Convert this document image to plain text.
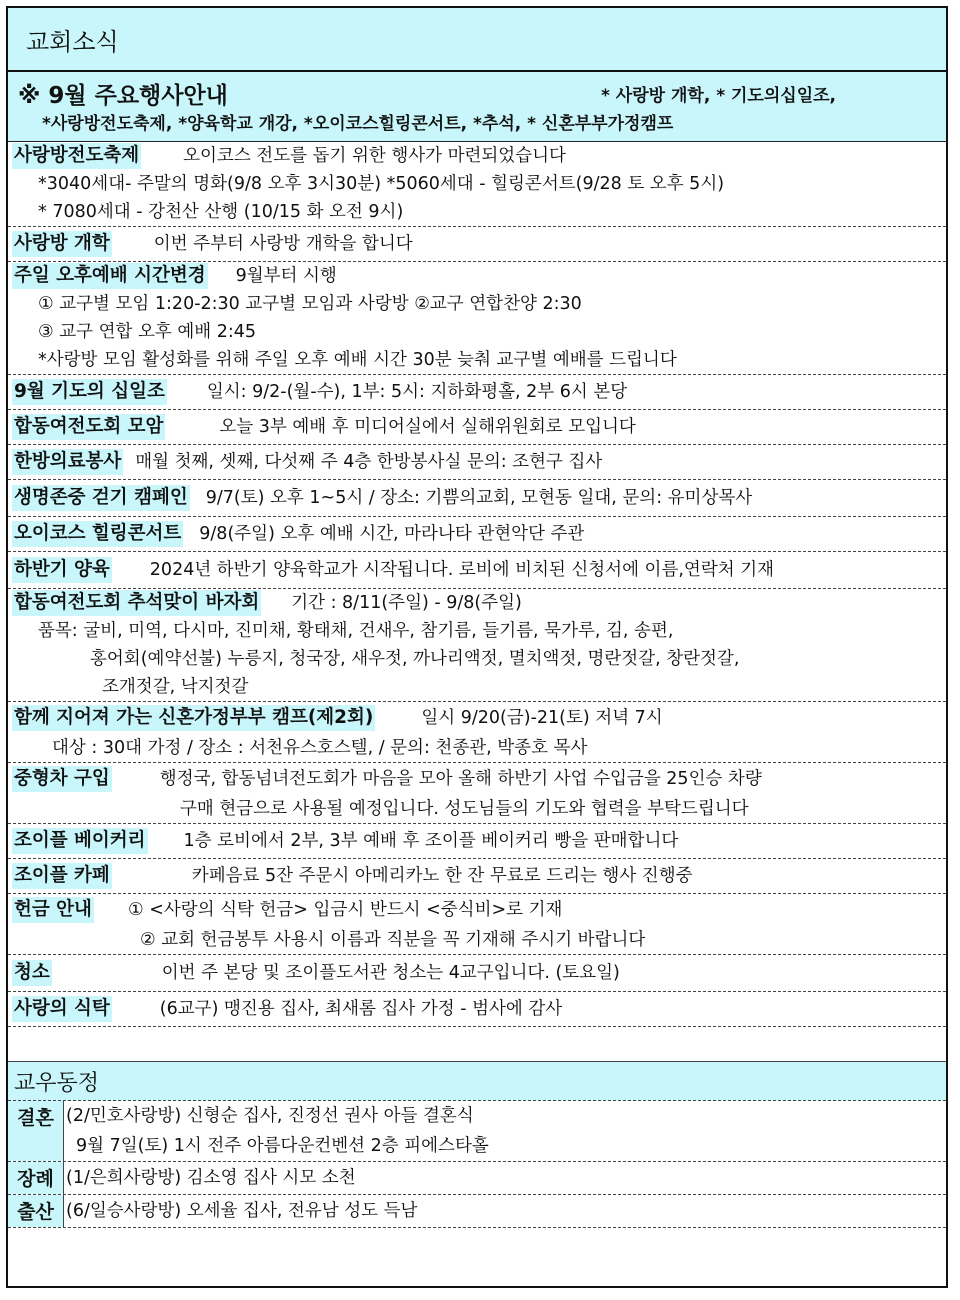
교회소식
※ 9월 주요행사안내	* 사랑방 개학, * 기도의십일조,
*사랑방전도축제, *양육학교 개강, *오이코스힐링콘서트, *추석, * 신혼부부가정캠프
사랑방전도축제	오이코스 전도를 돕기 위한 행사가 마련되었습니다
*3040세대- 주말의 명화(9/8 오후 3시30분) *5060세대 - 힐링콘서트(9/28 토 오후 5시)
* 7080세대 - 강천산 산행 (10/15 화 오전 9시)
사랑방 개학	이번 주부터 사랑방 개학을 합니다
주일 오후예배 시간변경 9월부터 시행
① 교구별 모임 1:20-2:30 교구별 모임과 사랑방 ②교구 연합찬양 2:30
③ 교구 연합 오후 예배 2:45
*사랑방 모임 활성화를 위해 주일 오후 예배 시간 30분 늦춰 교구별 예배를 드립니다
9월 기도의 십일조 일시: 9/2-(월-수), 1부: 5시: 지하화평홀, 2부 6시 본당
합동여전도회 모암	오늘 3부 예배 후 미디어실에서 실해위원회로 모입니다
한방의료봉사 매월 첫째, 셋째, 다섯째 주 4층 한방봉사실 문의: 조현구 집사
생명존중 걷기 캠페인 9/7(토) 오후 1~5시 / 장소: 기쁨의교회, 모현동 일대, 문의: 유미상목사
오이코스 힐링콘서트 9/8(주일) 오후 예배 시간, 마라나타 관현악단 주관
하반기 양육 2024년 하반기 양육학교가 시작됩니다. 로비에 비치된 신청서에 이름,연락처 기재
합동여전도회 추석맞이 바자회 기간 : 8/11(주일) - 9/8(주일)
품목: 굴비, 미역, 다시마, 진미채, 황태채, 건새우, 참기름, 들기름, 묵가루, 김, 송편,
홍어회(예약선불) 누릉지, 청국장, 새우젓, 까나리액젓, 멸치액젓, 명란젓갈, 창란젓갈,
조개젓갈, 낙지젓갈
함께 지어져 가는 신혼가정부부 캠프(제2회)	일시 9/20(금)-21(토) 저녁 7시
대상 : 30대 가정 / 장소 : 서천유스호스텔, / 문의: 천종관, 박종호 목사
중형차 구입	행정국, 합동넘녀전도회가 마음을 모아 올해 하반기 사업 수입금을 25인승 차량
구매 현금으로 사용될 예정입니다. 성도님들의 기도와 협력을 부탁드립니다
조이플 베이커리 1층 로비에서 2부, 3부 예배 후 조이플 베이커리 빵을 판매합니다
조이플 카페	카페음료 5잔 주문시 아메리카노 한 잔 무료로 드리는 행사 진행중
헌금 안내 ① <사랑의 식탁 헌금> 입금시 반드시 <중식비>로 기재
② 교회 헌금봉투 사용시 이름과 직분을 꼭 기재해 주시기 바랍니다
청소	이번 주 본당 및 조이플도서관 청소는 4교구입니다. (토요일)
사랑의 식탁	(6교구) 맹진용 집사, 최새롬 집사 가정 - 범사에 감사
교우동정
결혼 (2/민호사랑방) 신형순 집사, 진정선 권사 아들 결혼식
9월 7일(토) 1시 전주 아름다운컨벤션 2층 피에스타홀
장례 (1/은희사랑방) 김소영 집사 시모 소천
출산 (6/일승사랑방) 오세율 집사, 전유남 성도 득남
